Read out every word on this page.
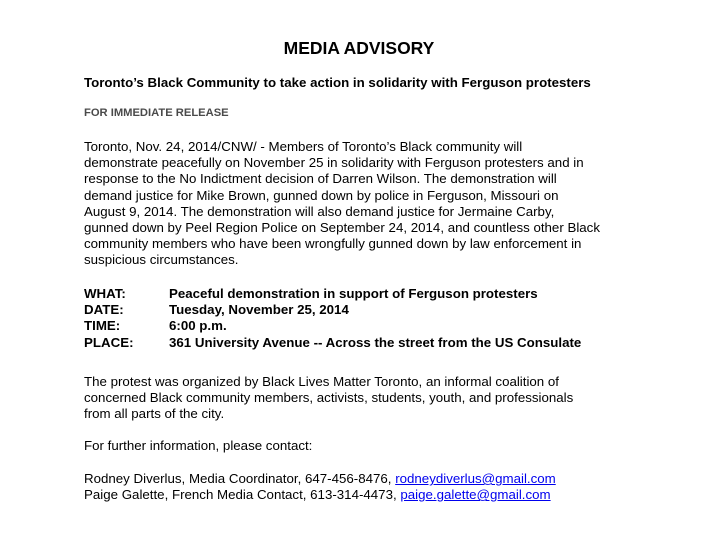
MEDIA ADVISORY

Toronto’s Black Community to take action in solidarity with Ferguson protesters

FOR IMMEDIATE RELEASE

Toronto, Nov. 24, 2014/CNW/ - Members of Toronto’s Black community will
demonstrate peacefully on November 25 in solidarity with Ferguson protesters and in
response to the No Indictment decision of Darren Wilson. The demonstration will
demand justice for Mike Brown, gunned down by police in Ferguson, Missouri on
August 9, 2014. The demonstration will also demand justice for Jermaine Carby,
gunned down by Peel Region Police on September 24, 2014, and countless other Black
community members who have been wrongfully gunned down by law enforcement in
suspicious circumstances.

WHAT:	Peaceful demonstration in support of Ferguson protesters
DATE:	Tuesday, November 25, 2014
TIME:	6:00 p.m.
PLACE:	361 University Avenue -- Across the street from the US Consulate

The protest was organized by Black Lives Matter Toronto, an informal coalition of
concerned Black community members, activists, students, youth, and professionals
from all parts of the city.

For further information, please contact:

Rodney Diverlus, Media Coordinator, 647-456-8476, rodneydiverlus@gmail.com
Paige Galette, French Media Contact, 613-314-4473, paige.galette@gmail.com
